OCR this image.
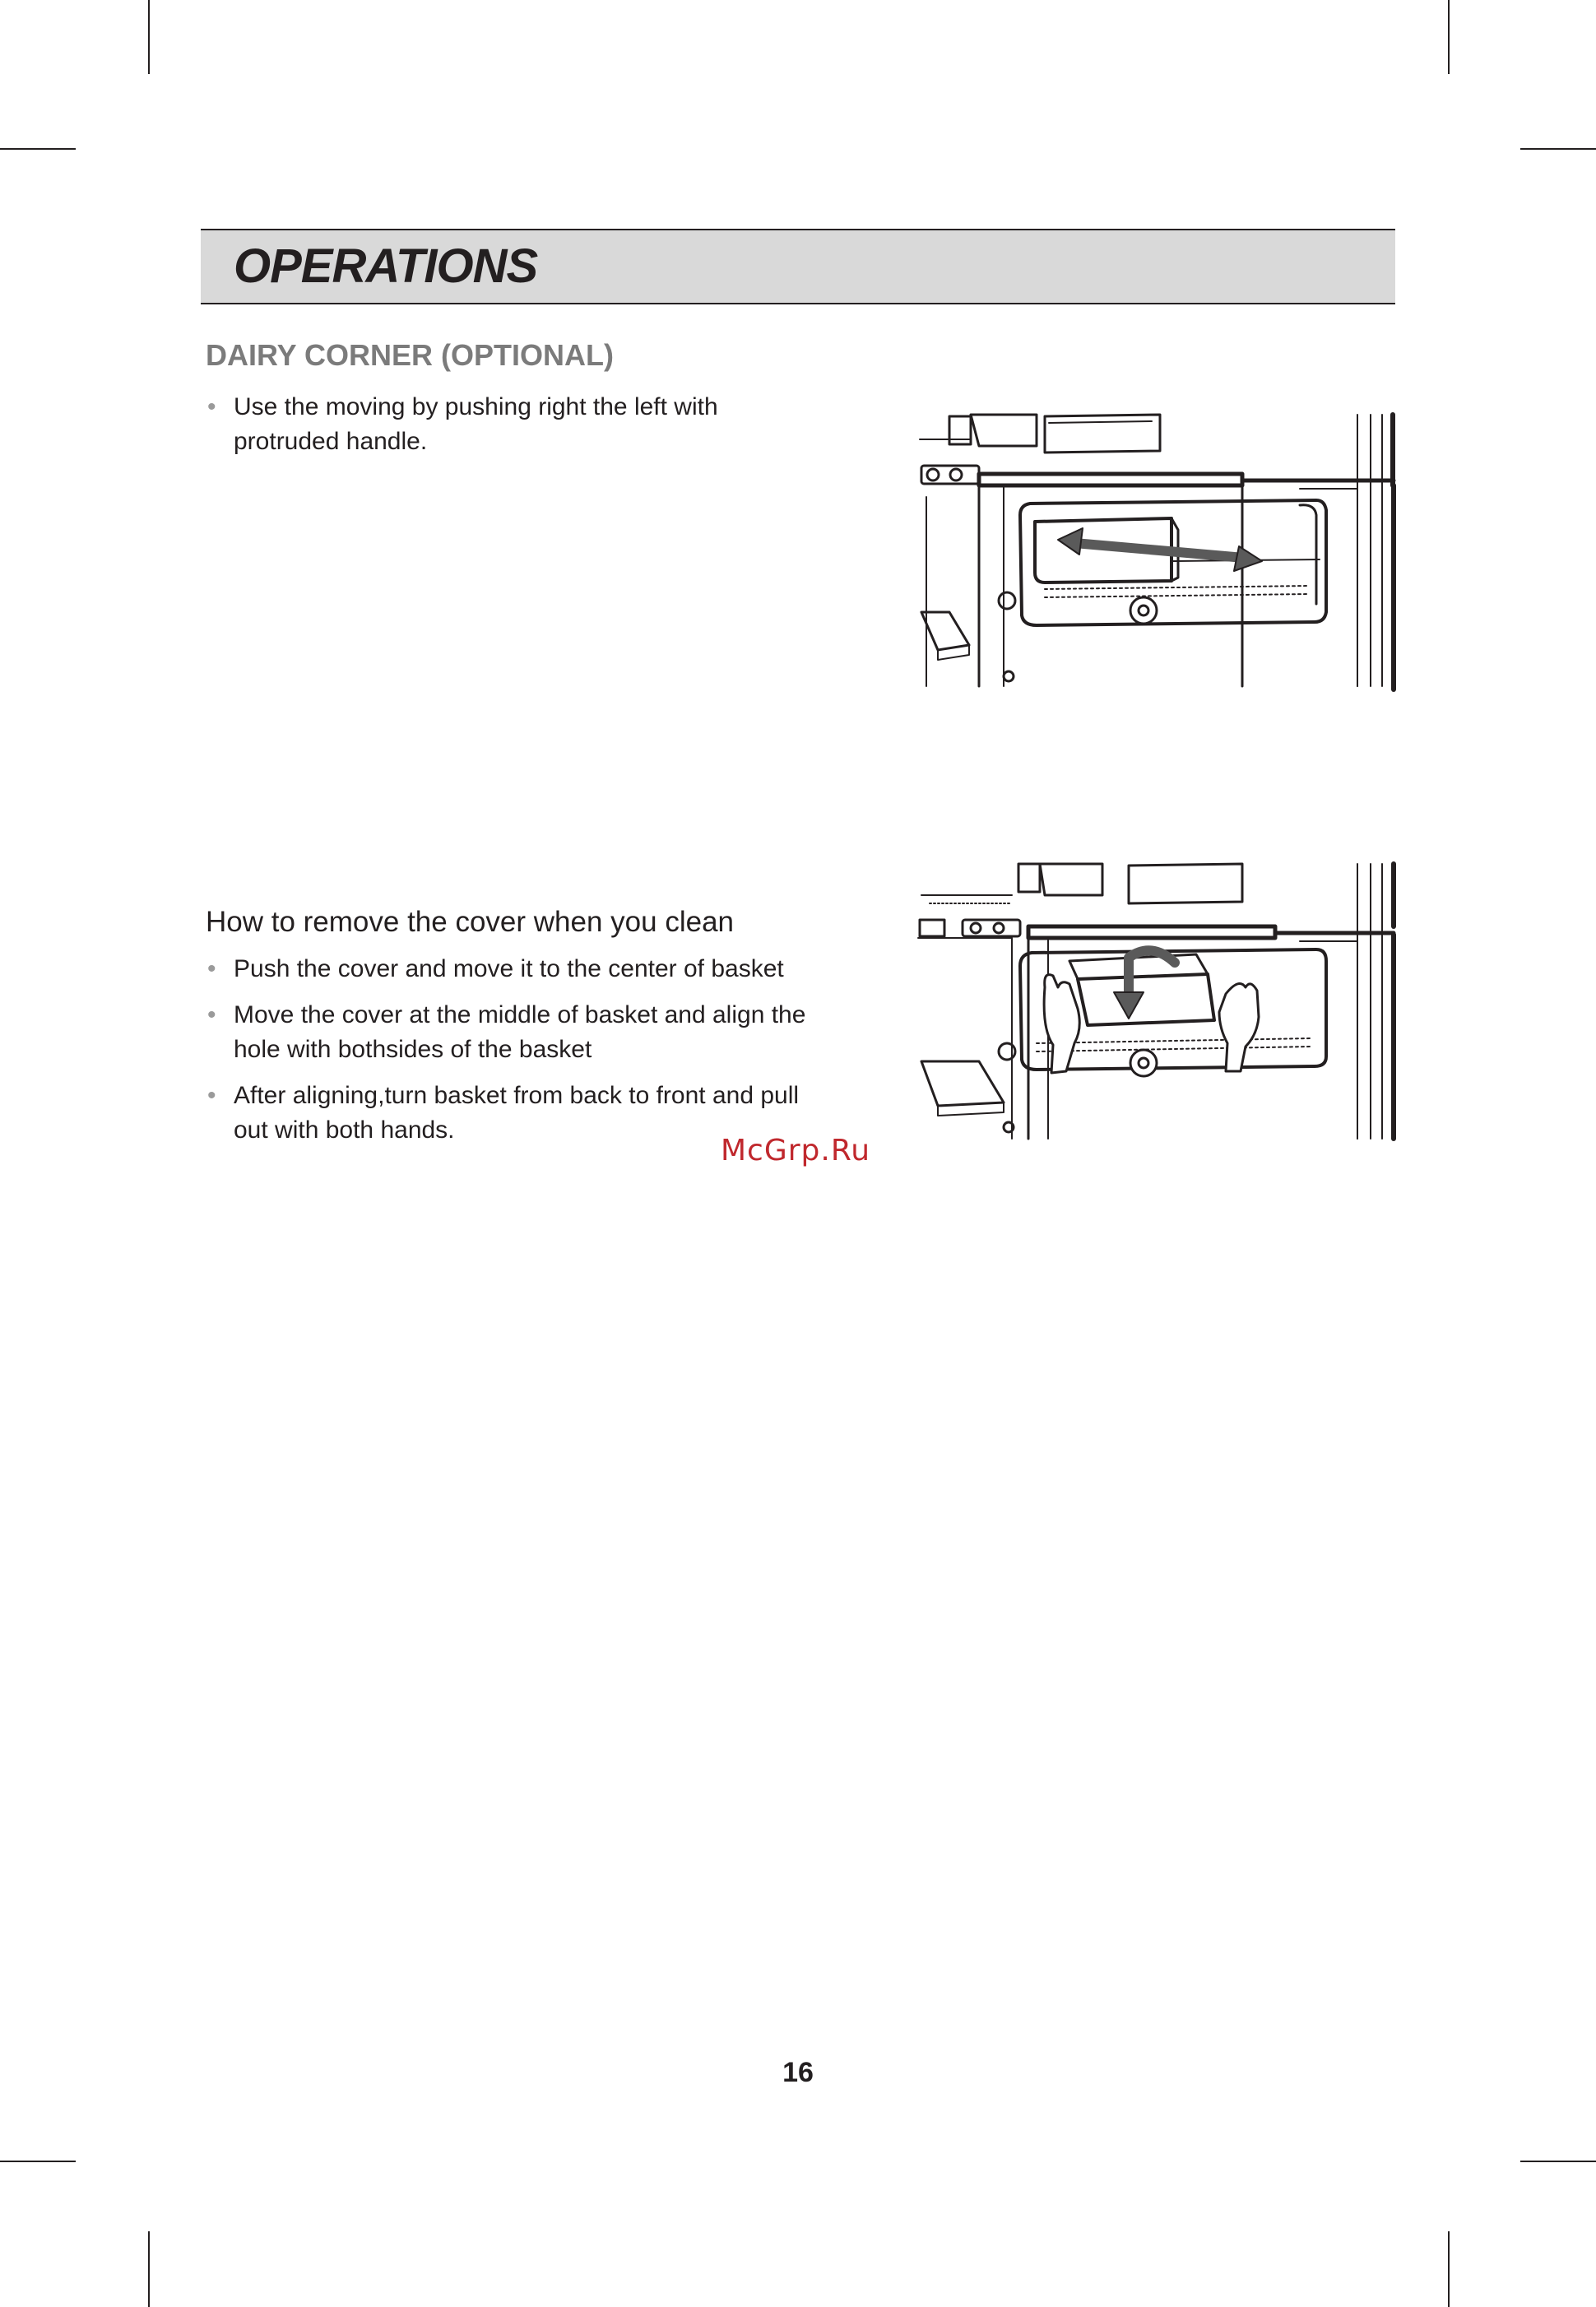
OPERATIONS
DAIRY CORNER (OPTIONAL)
• Use the moving by pushing right the left with
protruded handle.
How to remove the cover when you clean
• Push the cover and move it to the center of basket
• Move the cover at the middle of basket and align the
hole with bothsides of the basket
• After aligning,turn basket from back to front and pull
out with both hands.

McGrp.Ru

16
